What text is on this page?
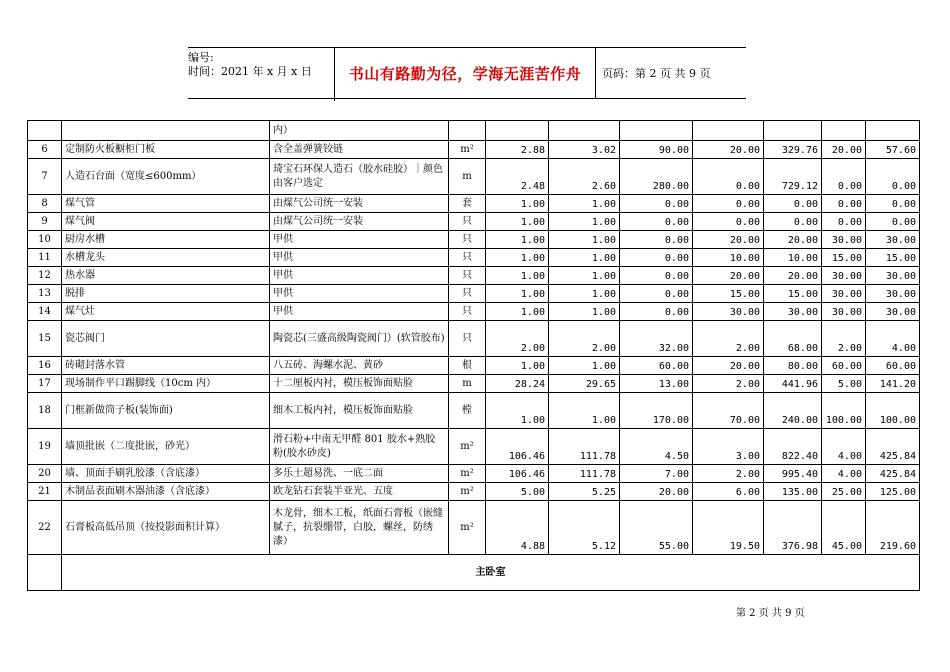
编号:
时间：2021 年 x 月 x 日	书山有路勤为径，学海无涯苦作舟	页码：第 2 页 共 9 页
		内）								
6	定制防火板橱柜门板	含全盖弹簧铰链	m²	2.88	3.02	90.00	20.00	329.76	20.00	57.60
7	人造石台面（宽度≤600mm）	琦宝石环保人造石（胶水硅胶）｜颜色由客户选定	m	2.48	2.60	280.00	0.00	729.12	0.00	0.00
8	煤气管	由煤气公司统一安装	套	1.00	1.00	0.00	0.00	0.00	0.00	0.00
9	煤气阀	由煤气公司统一安装	只	1.00	1.00	0.00	0.00	0.00	0.00	0.00
10	厨房水槽	甲供	只	1.00	1.00	0.00	20.00	20.00	30.00	30.00
11	水槽龙头	甲供	只	1.00	1.00	0.00	10.00	10.00	15.00	15.00
12	热水器	甲供	只	1.00	1.00	0.00	20.00	20.00	30.00	30.00
13	脱排	甲供	只	1.00	1.00	0.00	15.00	15.00	30.00	30.00
14	煤气灶	甲供	只	1.00	1.00	0.00	30.00	30.00	30.00	30.00
15	瓷芯阀门	陶瓷芯(三盛高级陶瓷阀门）(软管胶布)	只	2.00	2.00	32.00	2.00	68.00	2.00	4.00
16	砖砌封落水管	八五砖、海螺水泥、黄砂	根	1.00	1.00	60.00	20.00	80.00	60.00	60.00
17	现场制作平口踢脚线（10cm 内）	十二厘板内衬，模压板饰面贴脸	m	28.24	29.65	13.00	2.00	441.96	5.00	141.20
18	门框新做筒子板(装饰面)	细木工板内衬，模压板饰面贴脸	樘	1.00	1.00	170.00	70.00	240.00	100.00	100.00
19	墙顶批嵌（二度批嵌，砂光）	滑石粉+中南无甲醛 801 胶水+熟胶粉(胶水砂皮)	m²	106.46	111.78	4.50	3.00	822.40	4.00	425.84
20	墙、顶面手刷乳胶漆（含底漆）	多乐士超易洗、一底二面	m²	106.46	111.78	7.00	2.00	995.40	4.00	425.84
21	木制品表面刷木器油漆（含底漆）	欧龙钻石套装半亚光、五度	m²	5.00	5.25	20.00	6.00	135.00	25.00	125.00
22	石膏板高低吊顶（按投影面积计算）	木龙骨，细木工板，纸面石膏板（嵌缝腻子，抗裂绷带，白胶，螺丝，防绣漆）	m²	4.88	5.12	55.00	19.50	376.98	45.00	219.60
	主卧室									
第 2 页 共 9 页
